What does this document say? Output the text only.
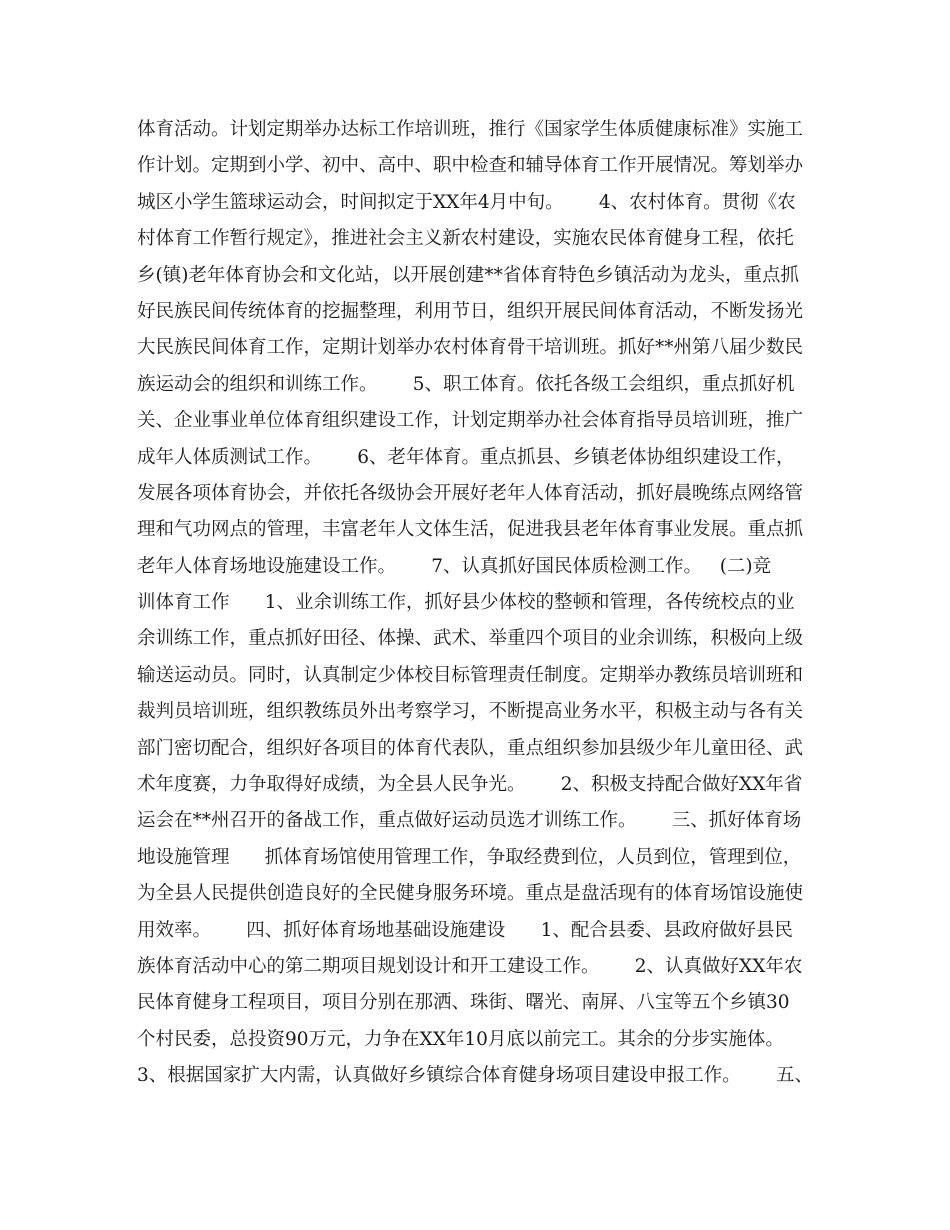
体育活动。计划定期举办达标工作培训班，推行《国家学生体质健康标准》实施工
作计划。定期到小学、初中、高中、职中检查和辅导体育工作开展情况。筹划举办
城区小学生篮球运动会，时间拟定于XX年4月中旬。      4、农村体育。贯彻《农
村体育工作暂行规定》，推进社会主义新农村建设，实施农民体育健身工程，依托
乡(镇)老年体育协会和文化站，以开展创建**省体育特色乡镇活动为龙头，重点抓
好民族民间传统体育的挖掘整理，利用节日，组织开展民间体育活动，不断发扬光
大民族民间体育工作，定期计划举办农村体育骨干培训班。抓好**州第八届少数民
族运动会的组织和训练工作。      5、职工体育。依托各级工会组织，重点抓好机
关、企业事业单位体育组织建设工作，计划定期举办社会体育指导员培训班，推广
成年人体质测试工作。      6、老年体育。重点抓县、乡镇老体协组织建设工作，
发展各项体育协会，并依托各级协会开展好老年人体育活动，抓好晨晚练点网络管
理和气功网点的管理，丰富老年人文体生活，促进我县老年体育事业发展。重点抓
老年人体育场地设施建设工作。      7、认真抓好国民体质检测工作。   (二)竞
训体育工作      1、业余训练工作，抓好县少体校的整顿和管理，各传统校点的业
余训练工作，重点抓好田径、体操、武术、举重四个项目的业余训练，积极向上级
输送运动员。同时，认真制定少体校目标管理责任制度。定期举办教练员培训班和
裁判员培训班，组织教练员外出考察学习，不断提高业务水平，积极主动与各有关
部门密切配合，组织好各项目的体育代表队，重点组织参加县级少年儿童田径、武
术年度赛，力争取得好成绩，为全县人民争光。      2、积极支持配合做好XX年省
运会在**州召开的备战工作，重点做好运动员选才训练工作。      三、抓好体育场
地设施管理      抓体育场馆使用管理工作，争取经费到位，人员到位，管理到位，
为全县人民提供创造良好的全民健身服务环境。重点是盘活现有的体育场馆设施使
用效率。      四、抓好体育场地基础设施建设      1、配合县委、县政府做好县民
族体育活动中心的第二期项目规划设计和开工建设工作。      2、认真做好XX年农
民体育健身工程项目，项目分别在那洒、珠街、曙光、南屏、八宝等五个乡镇30
个村民委，总投资90万元，力争在XX年10月底以前完工。其余的分步实施体。
3、根据国家扩大内需，认真做好乡镇综合体育健身场项目建设申报工作。      五、
